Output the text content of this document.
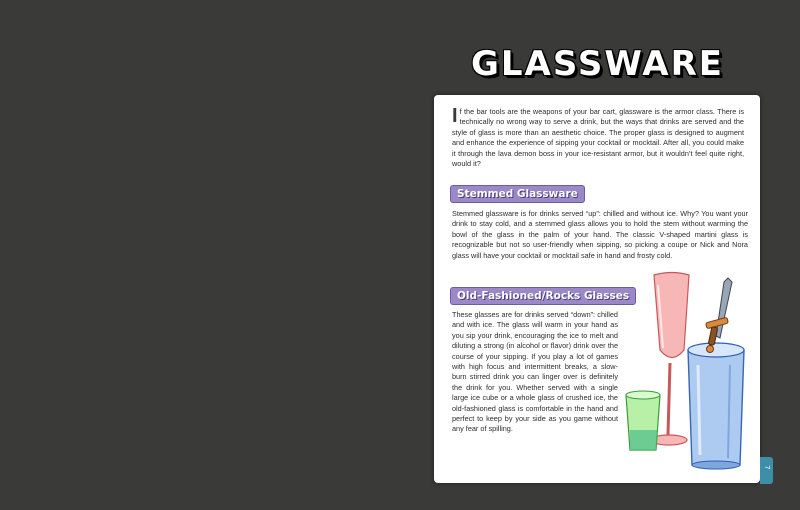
GLASSWARE
If the bar tools are the weapons of your bar cart, glassware is the armor class. There is technically no wrong way to serve a drink, but the ways that drinks are served and the style of glass is more than an aesthetic choice. The proper glass is designed to augment and enhance the experience of sipping your cocktail or mocktail. After all, you could make it through the lava demon boss in your ice-resistant armor, but it wouldn’t feel quite right, would it?
Stemmed Glassware
Stemmed glassware is for drinks served “up”: chilled and without ice. Why? You want your drink to stay cold, and a stemmed glass allows you to hold the stem without warming the bowl of the glass in the palm of your hand. The classic V-shaped martini glass is recognizable but not so user-friendly when sipping, so picking a coupe or Nick and Nora glass will have your cocktail or mocktail safe in hand and frosty cold.
Old-Fashioned/Rocks Glasses
These glasses are for drinks served “down”: chilled and with ice. The glass will warm in your hand as you sip your drink, encouraging the ice to melt and diluting a strong (in alcohol or flavor) drink over the course of your sipping. If you play a lot of games with high focus and intermittent breaks, a slow-burn stirred drink you can linger over is definitely the drink for you. Whether served with a single large ice cube or a whole glass of crushed ice, the old-fashioned glass is comfortable in the hand and perfect to keep by your side as you game without any fear of spilling.
7
